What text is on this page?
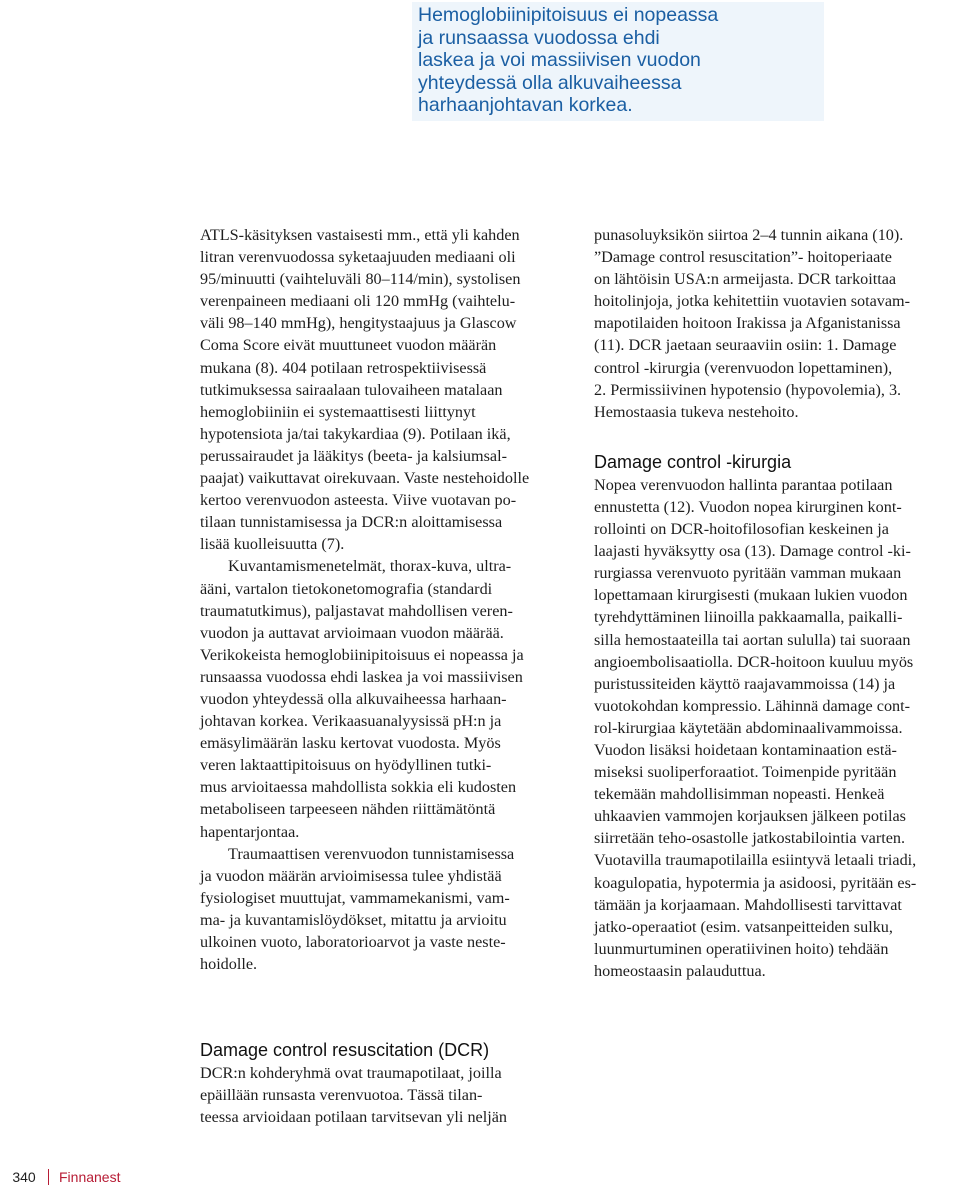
Hemoglobiinipitoisuus ei nopeassa
ja runsaassa vuodossa ehdi
laskea ja voi massiivisen vuodon
yhteydessä olla alkuvaiheessa
harhaanjohtavan korkea.
ATLS-käsityksen vastaisesti mm., että yli kahden
litran verenvuodossa syketaajuuden mediaani oli
95/minuutti (vaihteluväli 80–114/min), systolisen
verenpaineen mediaani oli 120 mmHg (vaihtelu-
väli 98–140 mmHg), hengitystaajuus ja Glascow
Coma Score eivät muuttuneet vuodon määrän
mukana (8). 404 potilaan retrospektiivisessä
tutkimuksessa sairaalaan tulovaiheen matalaan
hemoglobiiniin ei systemaattisesti liittynyt
hypotensiota ja/tai takykardiaa (9). Potilaan ikä,
perussairaudet ja lääkitys (beeta- ja kalsiumsal-
paajat) vaikuttavat oirekuvaan. Vaste nestehoidolle
kertoo verenvuodon asteesta. Viive vuotavan po-
tilaan tunnistamisessa ja DCR:n aloittamisessa
lisää kuolleisuutta (7).
Kuvantamismenetelmät, thorax-kuva, ultra-
ääni, vartalon tietokonetomografia (standardi
traumatutkimus), paljastavat mahdollisen veren-
vuodon ja auttavat arvioimaan vuodon määrää.
Verikokeista hemoglobiinipitoisuus ei nopeassa ja
runsaassa vuodossa ehdi laskea ja voi massiivisen
vuodon yhteydessä olla alkuvaiheessa harhaan-
johtavan korkea. Verikaasuanalyysissä pH:n ja
emäsylimäärän lasku kertovat vuodosta. Myös
veren laktaattipitoisuus on hyödyllinen tutki-
mus arvioitaessa mahdollista sokkia eli kudosten
metaboliseen tarpeeseen nähden riittämätöntä
hapentarjontaa.
Traumaattisen verenvuodon tunnistamisessa
ja vuodon määrän arvioimisessa tulee yhdistää
fysiologiset muuttujat, vammamekanismi, vam-
ma- ja kuvantamislöydökset, mitattu ja arvioitu
ulkoinen vuoto, laboratorioarvot ja vaste neste-
hoidolle.
Damage control resuscitation (DCR)
DCR:n kohderyhmä ovat traumapotilaat, joilla
epäillään runsasta verenvuotoa. Tässä tilan-
teessa arvioidaan potilaan tarvitsevan yli neljän
punasoluyksikön siirtoa 2–4 tunnin aikana (10).
”Damage control resuscitation”- hoitoperiaate
on lähtöisin USA:n armeijasta. DCR tarkoittaa
hoitolinjoja, jotka kehitettiin vuotavien sotavam-
mapotilaiden hoitoon Irakissa ja Afganistanissa
(11). DCR jaetaan seuraaviin osiin: 1. Damage
control -kirurgia (verenvuodon lopettaminen),
2. Permissiivinen hypotensio (hypovolemia), 3.
Hemostaasia tukeva nestehoito.
Damage control -kirurgia
Nopea verenvuodon hallinta parantaa potilaan
ennustetta (12). Vuodon nopea kirurginen kont-
rollointi on DCR-hoitofilosofian keskeinen ja
laajasti hyväksytty osa (13). Damage control -ki-
rurgiassa verenvuoto pyritään vamman mukaan
lopettamaan kirurgisesti (mukaan lukien vuodon
tyrehdyttäminen liinoilla pakkaamalla, paikalli-
silla hemostaateilla tai aortan sululla) tai suoraan
angioembolisaatiolla. DCR-hoitoon kuuluu myös
puristussiteiden käyttö raajavammoissa (14) ja
vuotokohdan kompressio. Lähinnä damage cont-
rol-kirurgiaa käytetään abdominaalivammoissa.
Vuodon lisäksi hoidetaan kontaminaation estä-
miseksi suoliperforaatiot. Toimenpide pyritään
tekemään mahdollisimman nopeasti. Henkeä
uhkaavien vammojen korjauksen jälkeen potilas
siirretään teho-osastolle jatkostabilointia varten.
Vuotavilla traumapotilailla esiintyvä letaali triadi,
koagulopatia, hypotermia ja asidoosi, pyritään es-
tämään ja korjaamaan. Mahdollisesti tarvittavat
jatko-operaatiot (esim. vatsanpeitteiden sulku,
luunmurtuminen operatiivinen hoito) tehdään
homeostaasin palauduttua.
340	Finnanest
